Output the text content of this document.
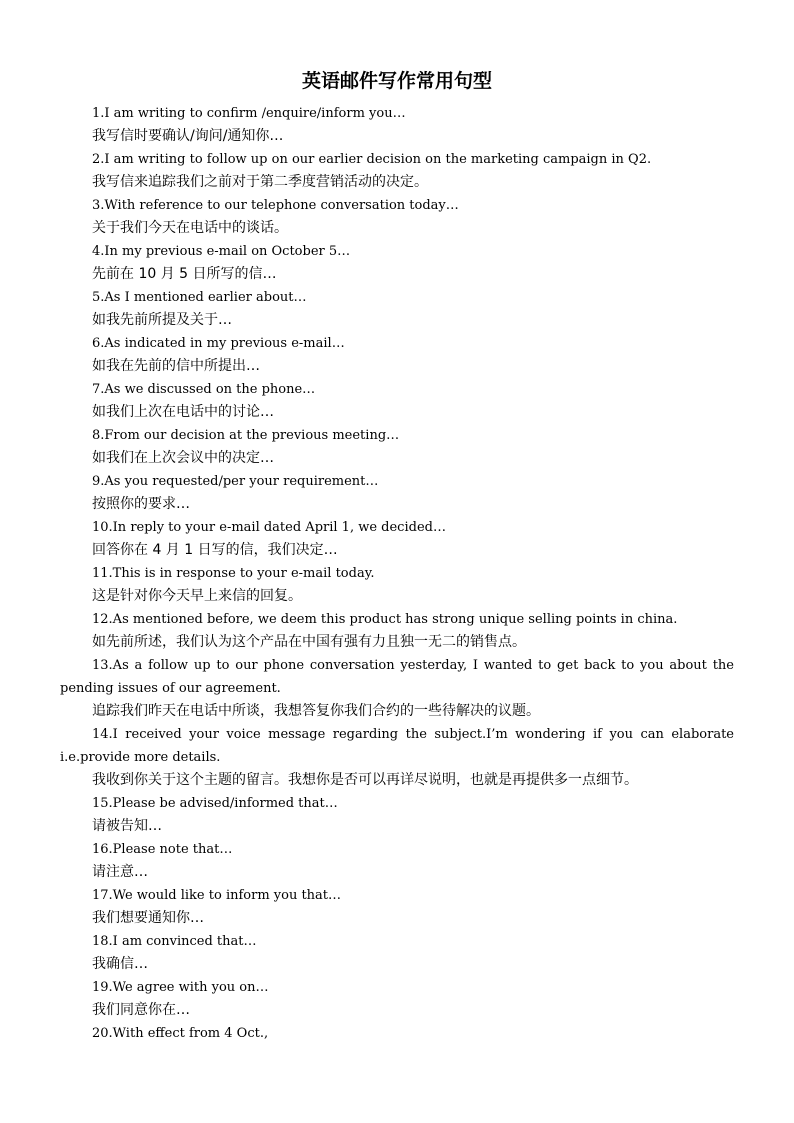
英语邮件写作常用句型
1.I am writing to confirm /enquire/inform you…
我写信时要确认/询问/通知你…
2.I am writing to follow up on our earlier decision on the marketing campaign in Q2.
我写信来追踪我们之前对于第二季度营销活动的决定。
3.With reference to our telephone conversation today…
关于我们今天在电话中的谈话。
4.In my previous e-mail on October 5…
先前在 10 月 5 日所写的信…
5.As I mentioned earlier about…
如我先前所提及关于…
6.As indicated in my previous e-mail…
如我在先前的信中所提出…
7.As we discussed on the phone…
如我们上次在电话中的讨论…
8.From our decision at the previous meeting…
如我们在上次会议中的决定…
9.As you requested/per your requirement…
按照你的要求…
10.In reply to your e-mail dated April 1, we decided…
回答你在 4 月 1 日写的信，我们决定…
11.This is in response to your e-mail today.
这是针对你今天早上来信的回复。
12.As mentioned before, we deem this product has strong unique selling points in china.
如先前所述，我们认为这个产品在中国有强有力且独一无二的销售点。
13.As a follow up to our phone conversation yesterday, I wanted to get back to you about the pending issues of our agreement.
追踪我们昨天在电话中所谈，我想答复你我们合约的一些待解决的议题。
14.I received your voice message regarding the subject.I’m wondering if you can elaborate i.e.provide more details.
我收到你关于这个主题的留言。我想你是否可以再详尽说明，也就是再提供多一点细节。
15.Please be advised/informed that…
请被告知…
16.Please note that…
请注意…
17.We would like to inform you that…
我们想要通知你…
18.I am convinced that…
我确信…
19.We agree with you on…
我们同意你在…
20.With effect from 4 Oct.,
